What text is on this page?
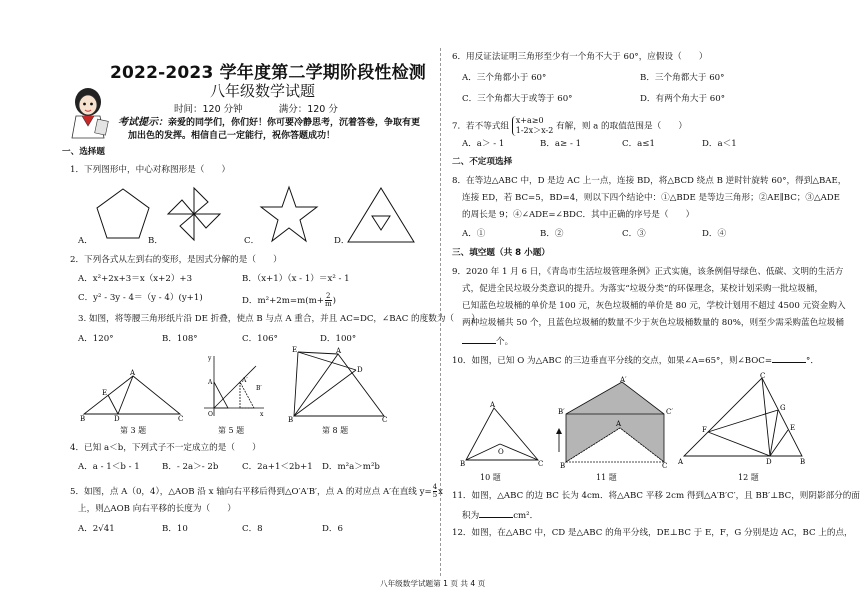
2022-2023 学年度第二学期阶段性检测
八年级数学试题
时间：120 分钟	满分：120 分
考试提示：亲爱的同学们，你们好！你可要冷静思考，沉着答卷，争取有更
加出色的发挥。相信自己一定能行，祝你答题成功！
一、选择题
1．下列图形中，中心对称图形是（　　）
A．	B．	C．	D．
2．下列各式从左到右的变形，是因式分解的是（　　）
A．x²+2x+3＝x（x+2）+3	B．（x+1）（x - 1）＝x² - 1
C．y² - 3y - 4＝（y - 4）(y+1)	D．$m^2+2m=m(m+ \frac{2}{m}$ )
3. 如图，将等腰三角形纸片沿 DE 折叠，使点 B 与点 A 重合，并且 AC=DC，∠BAC 的度数为（　　）
A．120°	B．108°	C．106°	D．100°
B	D	C
A
E
第 3 题
y
x
O
A	A′
B′
第 5 题
E	A
D
B	C
第 8 题
4．已知 a＜b，下列式子不一定成立的是（　　）
A．a - 1＜b - 1	B．- 2a＞- 2b	C．2a+1＜2b+1 D．m²a＞m²b
5．如图，点 A（0，4），△AOB 沿 x 轴向右平移后得到△O′A′B′，点 A 的对应点 A′在直线 $y= \frac{4}{5}$ x
上，则△AOB 向右平移的长度为（　　）
A．2√41	B．10	C．8	D．6
6．用反证法证明三角形至少有一个角不大于 60°，应假设（　　）
A．三个角都小于 60°	B．三个角都大于 60°
C．三个角都大于或等于 60°	D．有两个角大于 60°
7．若不等式组
x+a≥0
1-2x＞x-2 有解，则 a 的取值范围是（　　）
A．a＞ - 1	B．a≥ - 1	C．a≤1	D．a＜1
二、不定项选择
8．在等边△ABC 中，D 是边 AC 上一点，连接 BD，将△BCD 绕点 B 逆时针旋转 60°，得到△BAE，
连接 ED，若 BC=5，BD=4，则以下四个结论中：①△BDE 是等边三角形；②AE∥BC；③△ADE
的周长是 9；④∠ADE=∠BDC．其中正确的序号是（　　）
A．①	B．②	C．③	D．④
三、填空题（共 8 小题）
9．2020 年 1 月 6 日，《青岛市生活垃圾管理条例》正式实施，该条例倡导绿色、低碳、文明的生活方
式，促进全民垃圾分类意识的提升。为落实“垃圾分类”的环保理念，某校计划采购一批垃圾桶，
已知蓝色垃圾桶的单价是 100 元，灰色垃圾桶的单价是 80 元，学校计划用不超过 4500 元资金购入
两种垃圾桶共 50 个，且蓝色垃圾桶的数量不少于灰色垃圾桶数量的 80%，则至少需采购蓝色垃圾桶
个。
10．如图，已知 O 为△ABC 的三边垂直平分线的交点，如果∠A=65°，则∠BOC=	°．
A
B	C
O
10 题
A′
B′	C′
A
B	C
11 题
C
F
G
E
A	D	B
12 题
11．如图，△ABC 的边 BC 长为 4cm．将△ABC 平移 2cm 得到△A′B′C′，且 BB′⊥BC，则阴影部分的面
积为	cm²．
12．如图，在△ABC 中，CD 是△ABC 的角平分线，DE⊥BC 于 E，F，G 分别是边 AC，BC 上的点，
八年级数学试题第 1 页 共 4 页
